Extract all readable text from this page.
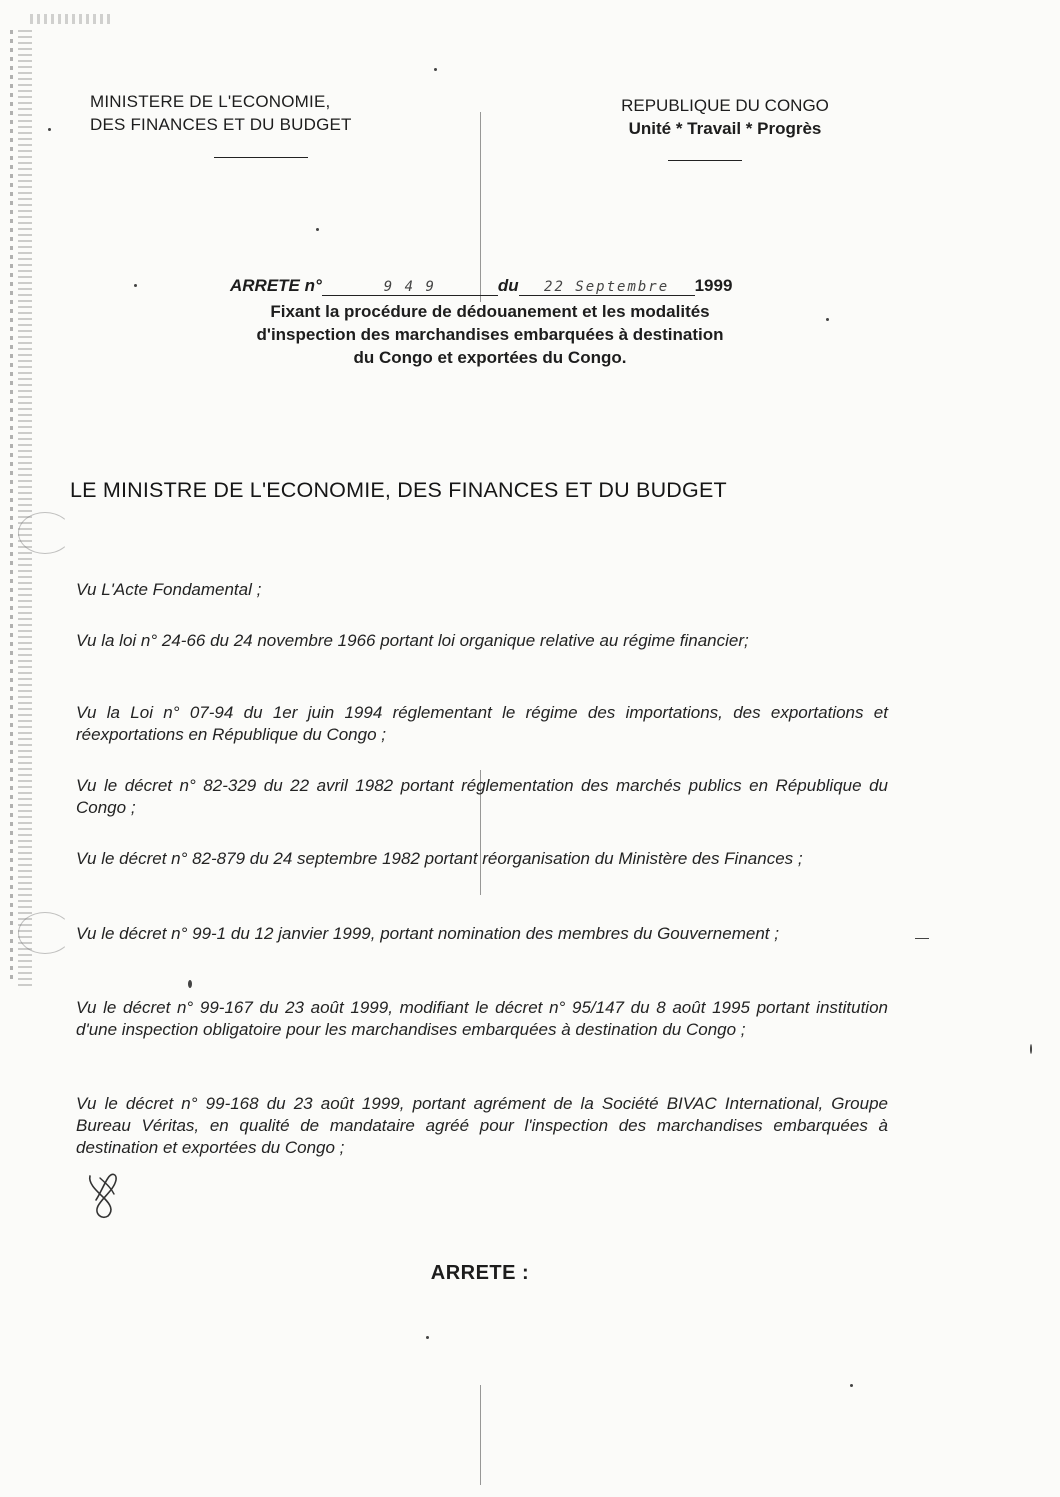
MINISTERE DE L'ECONOMIE,
DES FINANCES ET DU BUDGET
REPUBLIQUE DU CONGO
Unité * Travail * Progrès
ARRETE n°	9 4 9	du 22 Septembre 1999
Fixant la procédure de dédouanement et les modalités
d'inspection des marchandises embarquées à destination
du Congo et exportées du Congo.
LE MINISTRE DE L'ECONOMIE, DES FINANCES ET DU BUDGET
Vu L'Acte Fondamental ;
Vu la loi n° 24-66 du 24 novembre 1966 portant loi organique relative au régime financier;
Vu la Loi n° 07-94 du 1er juin 1994 réglementant le régime des importations, des exportations et réexportations en République du Congo ;
Vu le décret n° 82-329 du 22 avril 1982 portant réglementation des marchés publics en République du Congo ;
Vu le décret n° 82-879 du 24 septembre 1982 portant réorganisation du Ministère des Finances ;
Vu le décret n° 99-1 du 12 janvier 1999, portant nomination des membres du Gouvernement ;
Vu le décret n° 99-167 du 23 août 1999, modifiant le décret n° 95/147 du 8 août 1995 portant institution d'une inspection obligatoire pour les marchandises embarquées à destination du Congo ;
Vu le décret n° 99-168 du 23 août 1999, portant agrément de la Société BIVAC International, Groupe Bureau Véritas, en qualité de mandataire agréé pour l'inspection des marchandises embarquées à destination et exportées du Congo ;
ARRETE :
